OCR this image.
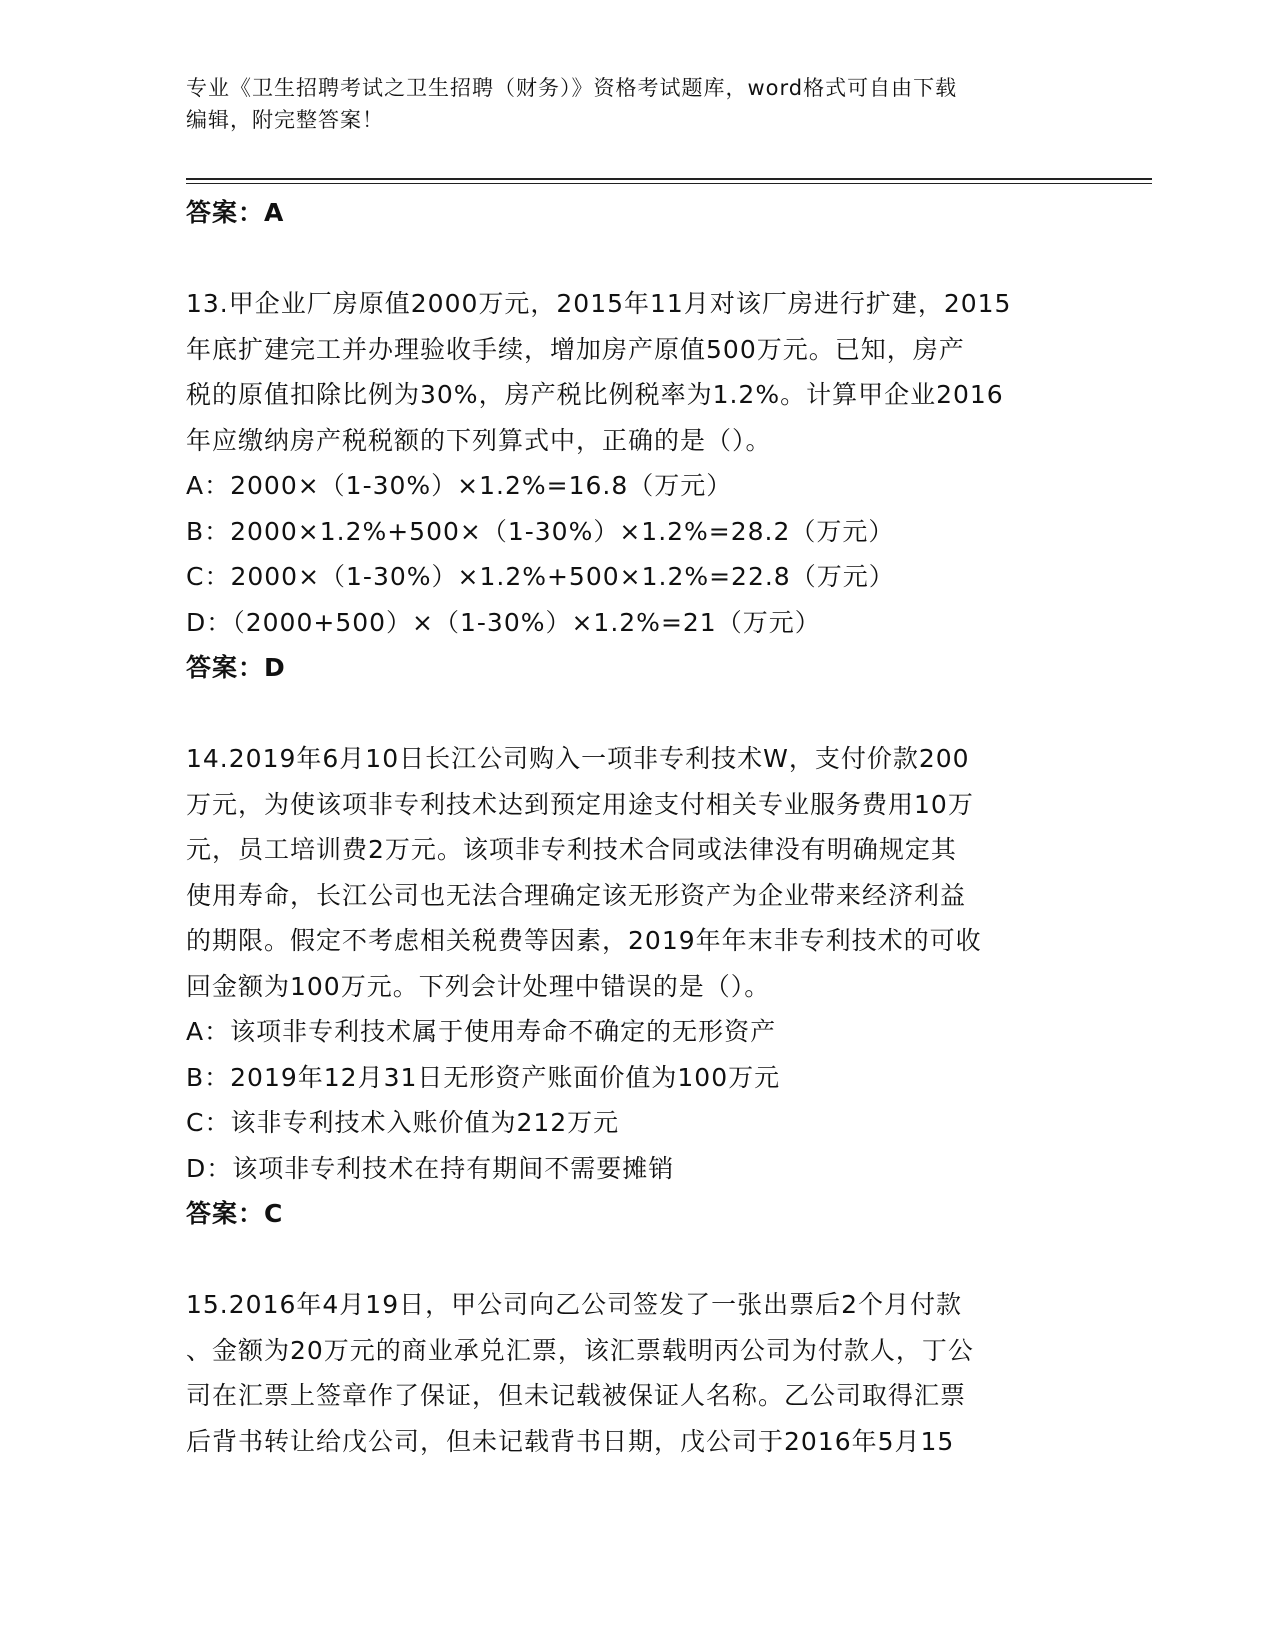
专业《卫生招聘考试之卫生招聘（财务）》资格考试题库，word格式可自由下载
编辑，附完整答案！
答案：A
13.甲企业厂房原值2000万元，2015年11月对该厂房进行扩建，2015
年底扩建完工并办理验收手续，增加房产原值500万元。已知，房产
税的原值扣除比例为30%，房产税比例税率为1.2%。计算甲企业2016
年应缴纳房产税税额的下列算式中，正确的是（）。
A：2000×（1-30%）×1.2%=16.8（万元）
B：2000×1.2%+500×（1-30%）×1.2%=28.2（万元）
C：2000×（1-30%）×1.2%+500×1.2%=22.8（万元）
D：（2000+500）×（1-30%）×1.2%=21（万元）
答案：D
14.2019年6月10日长江公司购入一项非专利技术W，支付价款200
万元，为使该项非专利技术达到预定用途支付相关专业服务费用10万
元，员工培训费2万元。该项非专利技术合同或法律没有明确规定其
使用寿命，长江公司也无法合理确定该无形资产为企业带来经济利益
的期限。假定不考虑相关税费等因素，2019年年末非专利技术的可收
回金额为100万元。下列会计处理中错误的是（）。
A：该项非专利技术属于使用寿命不确定的无形资产
B：2019年12月31日无形资产账面价值为100万元
C：该非专利技术入账价值为212万元
D：该项非专利技术在持有期间不需要摊销
答案：C
15.2016年4月19日，甲公司向乙公司签发了一张出票后2个月付款
、金额为20万元的商业承兑汇票，该汇票载明丙公司为付款人，丁公
司在汇票上签章作了保证，但未记载被保证人名称。乙公司取得汇票
后背书转让给戊公司，但未记载背书日期，戊公司于2016年5月15
